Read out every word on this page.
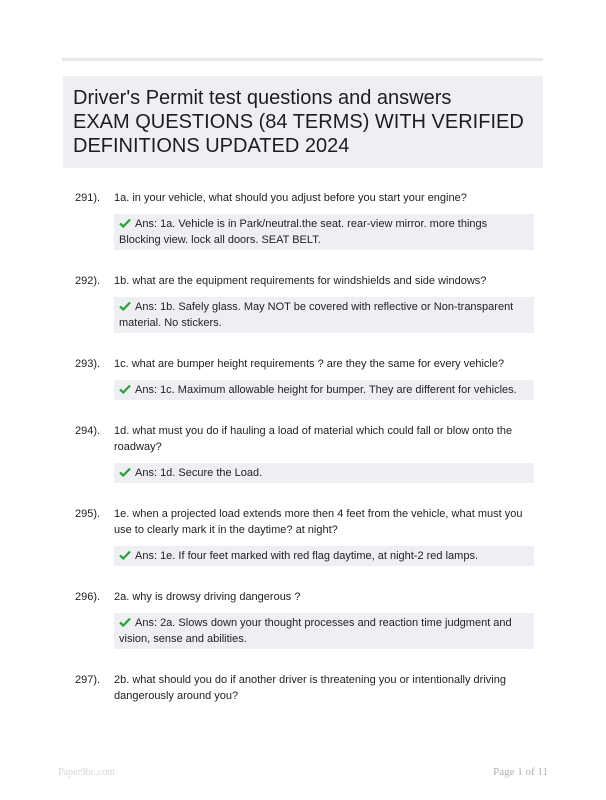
Driver's Permit test questions and answers
EXAM QUESTIONS (84 TERMS) WITH VERIFIED
DEFINITIONS UPDATED 2024
291). 1a. in your vehicle, what should you adjust before you start your engine?
Ans: 1a. Vehicle is in Park/neutral.the seat. rear-view mirror. more things Blocking view. lock all doors. SEAT BELT.
292). 1b. what are the equipment requirements for windshields and side windows?
Ans: 1b. Safely glass. May NOT be covered with reflective or Non-transparent material. No stickers.
293). 1c. what are bumper height requirements ? are they the same for every vehicle?
Ans: 1c. Maximum allowable height for bumper. They are different for vehicles.
294). 1d. what must you do if hauling a load of material which could fall or blow onto the roadway?
Ans: 1d. Secure the Load.
295). 1e. when a projected load extends more then 4 feet from the vehicle, what must you use to clearly mark it in the daytime? at night?
Ans: 1e. If four feet marked with red flag daytime, at night-2 red lamps.
296). 2a. why is drowsy driving dangerous ?
Ans: 2a. Slows down your thought processes and reaction time judgment and vision, sense and abilities.
297). 2b. what should you do if another driver is threatening you or intentionally driving dangerously around you?
Paper9bc.com	Page 1 of 11
